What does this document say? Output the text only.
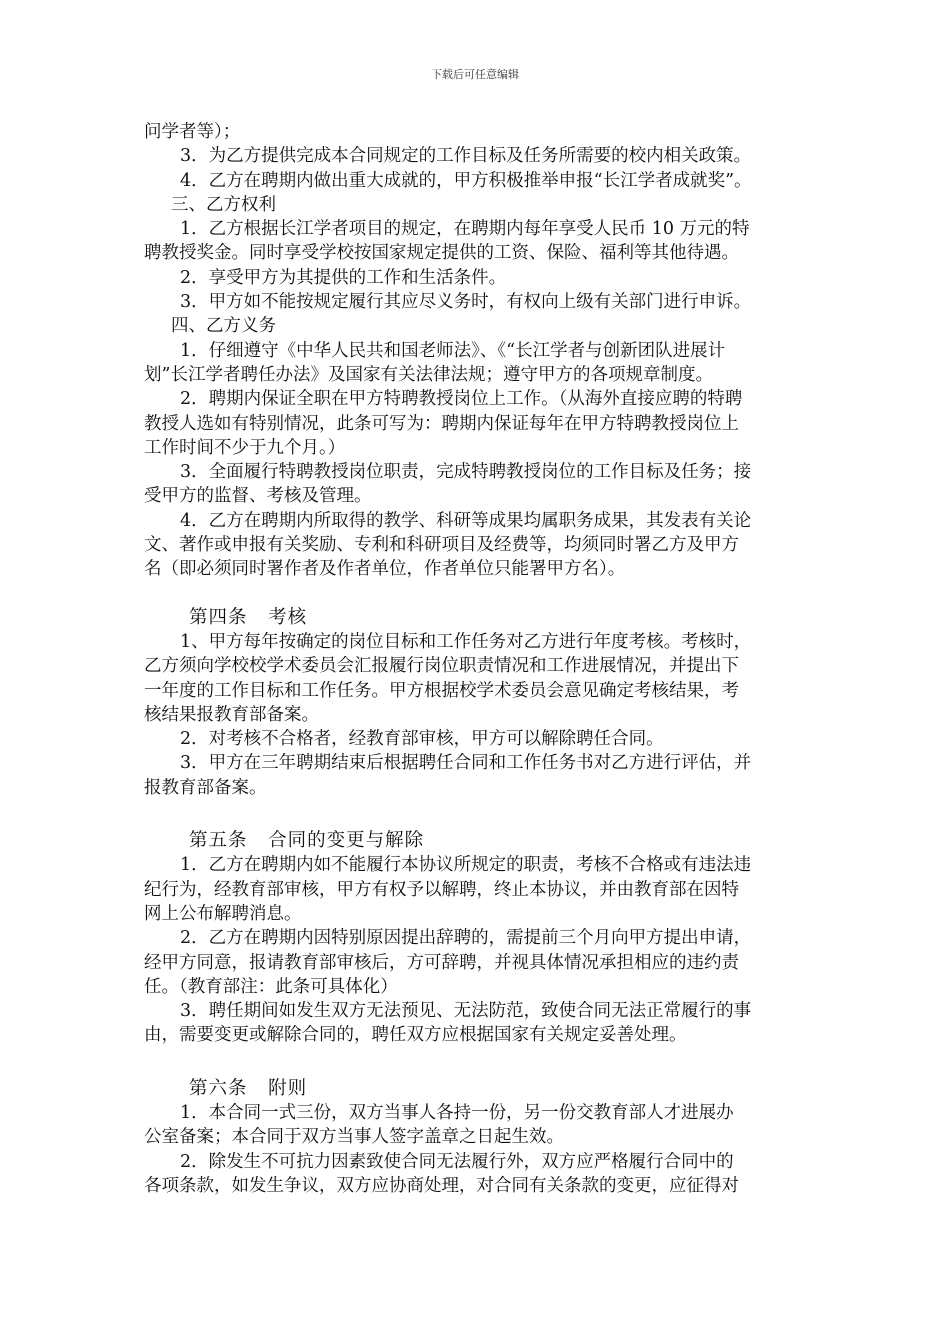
下载后可任意编辑
问学者等）；
3．为乙方提供完成本合同规定的工作目标及任务所需要的校内相关政策。
4．乙方在聘期内做出重大成就的，甲方积极推举申报“长江学者成就奖”。
三、乙方权利
1．乙方根据长江学者项目的规定，在聘期内每年享受人民币 10 万元的特
聘教授奖金。同时享受学校按国家规定提供的工资、保险、福利等其他待遇。
2．享受甲方为其提供的工作和生活条件。
3．甲方如不能按规定履行其应尽义务时，有权向上级有关部门进行申诉。
四、乙方义务
1．仔细遵守《中华人民共和国老师法》、《“长江学者与创新团队进展计
划”长江学者聘任办法》及国家有关法律法规；遵守甲方的各项规章制度。
2．聘期内保证全职在甲方特聘教授岗位上工作。（从海外直接应聘的特聘
教授人选如有特别情况，此条可写为：聘期内保证每年在甲方特聘教授岗位上
工作时间不少于九个月。）
3．全面履行特聘教授岗位职责，完成特聘教授岗位的工作目标及任务；接
受甲方的监督、考核及管理。
4．乙方在聘期内所取得的教学、科研等成果均属职务成果，其发表有关论
文、著作或申报有关奖励、专利和科研项目及经费等，均须同时署乙方及甲方
名（即必须同时署作者及作者单位，作者单位只能署甲方名）。
第四条   考核
1、甲方每年按确定的岗位目标和工作任务对乙方进行年度考核。考核时，
乙方须向学校校学术委员会汇报履行岗位职责情况和工作进展情况，并提出下
一年度的工作目标和工作任务。甲方根据校学术委员会意见确定考核结果，考
核结果报教育部备案。
2．对考核不合格者，经教育部审核，甲方可以解除聘任合同。
3．甲方在三年聘期结束后根据聘任合同和工作任务书对乙方进行评估，并
报教育部备案。
第五条   合同的变更与解除
1．乙方在聘期内如不能履行本协议所规定的职责，考核不合格或有违法违
纪行为，经教育部审核，甲方有权予以解聘，终止本协议，并由教育部在因特
网上公布解聘消息。
2．乙方在聘期内因特别原因提出辞聘的，需提前三个月向甲方提出申请，
经甲方同意，报请教育部审核后，方可辞聘，并视具体情况承担相应的违约责
任。（教育部注：此条可具体化）
3．聘任期间如发生双方无法预见、无法防范，致使合同无法正常履行的事
由，需要变更或解除合同的，聘任双方应根据国家有关规定妥善处理。
第六条   附则
1．本合同一式三份，双方当事人各持一份，另一份交教育部人才进展办
公室备案；本合同于双方当事人签字盖章之日起生效。
2．除发生不可抗力因素致使合同无法履行外，双方应严格履行合同中的
各项条款，如发生争议，双方应协商处理，对合同有关条款的变更，应征得对
